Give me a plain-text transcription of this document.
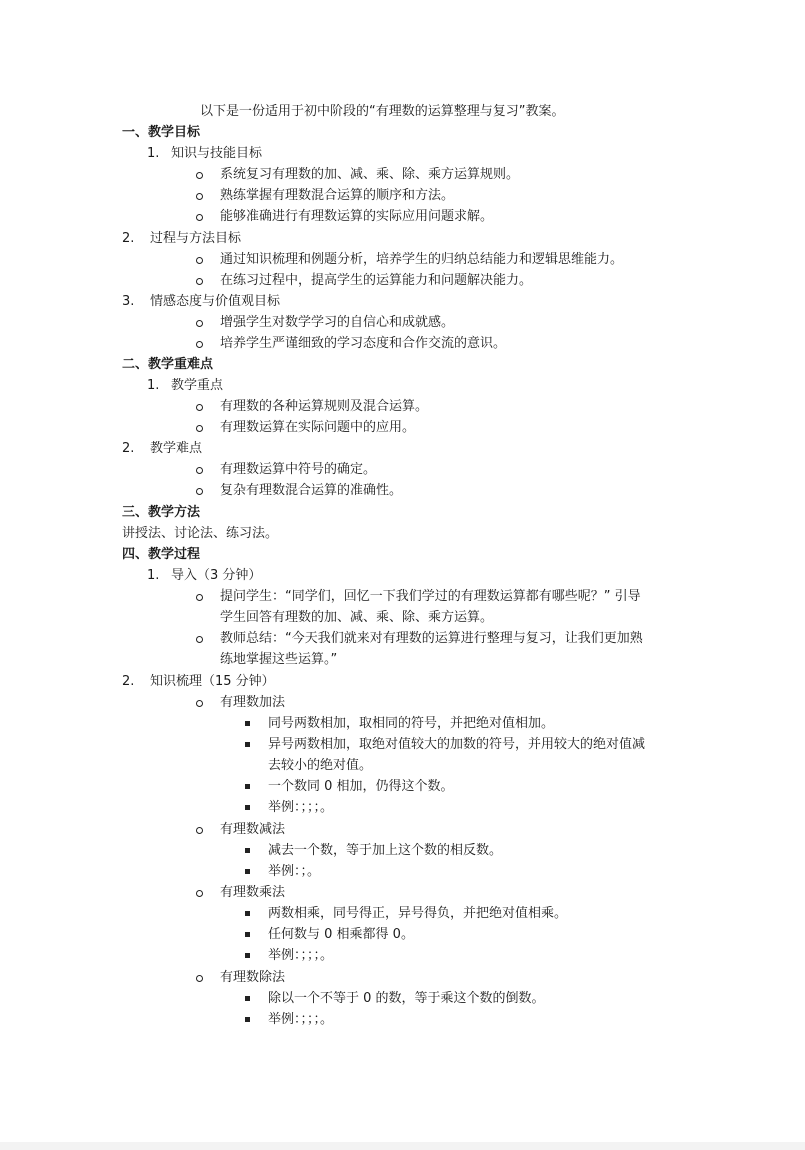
以下是一份适用于初中阶段的“有理数的运算整理与复习”教案。
一、教学目标
1. 知识与技能目标
系统复习有理数的加、减、乘、除、乘方运算规则。
熟练掌握有理数混合运算的顺序和方法。
能够准确进行有理数运算的实际应用问题求解。
2. 过程与方法目标
通过知识梳理和例题分析，培养学生的归纳总结能力和逻辑思维能力。
在练习过程中，提高学生的运算能力和问题解决能力。
3. 情感态度与价值观目标
增强学生对数学学习的自信心和成就感。
培养学生严谨细致的学习态度和合作交流的意识。
二、教学重难点
1. 教学重点
有理数的各种运算规则及混合运算。
有理数运算在实际问题中的应用。
2. 教学难点
有理数运算中符号的确定。
复杂有理数混合运算的准确性。
三、教学方法
讲授法、讨论法、练习法。
四、教学过程
1. 导入（3 分钟）
提问学生：“同学们，回忆一下我们学过的有理数运算都有哪些呢？” 引导
学生回答有理数的加、减、乘、除、乘方运算。
教师总结：“今天我们就来对有理数的运算进行整理与复习，让我们更加熟
练地掌握这些运算。”
2. 知识梳理（15 分钟）
有理数加法
同号两数相加，取相同的符号，并把绝对值相加。
异号两数相加，取绝对值较大的加数的符号，并用较大的绝对值减
去较小的绝对值。
一个数同 0 相加，仍得这个数。
举例：；；；。
有理数减法
减去一个数，等于加上这个数的相反数。
举例：；。
有理数乘法
两数相乘，同号得正，异号得负，并把绝对值相乘。
任何数与 0 相乘都得 0。
举例：；；；。
有理数除法
除以一个不等于 0 的数，等于乘这个数的倒数。
举例：；；；。
